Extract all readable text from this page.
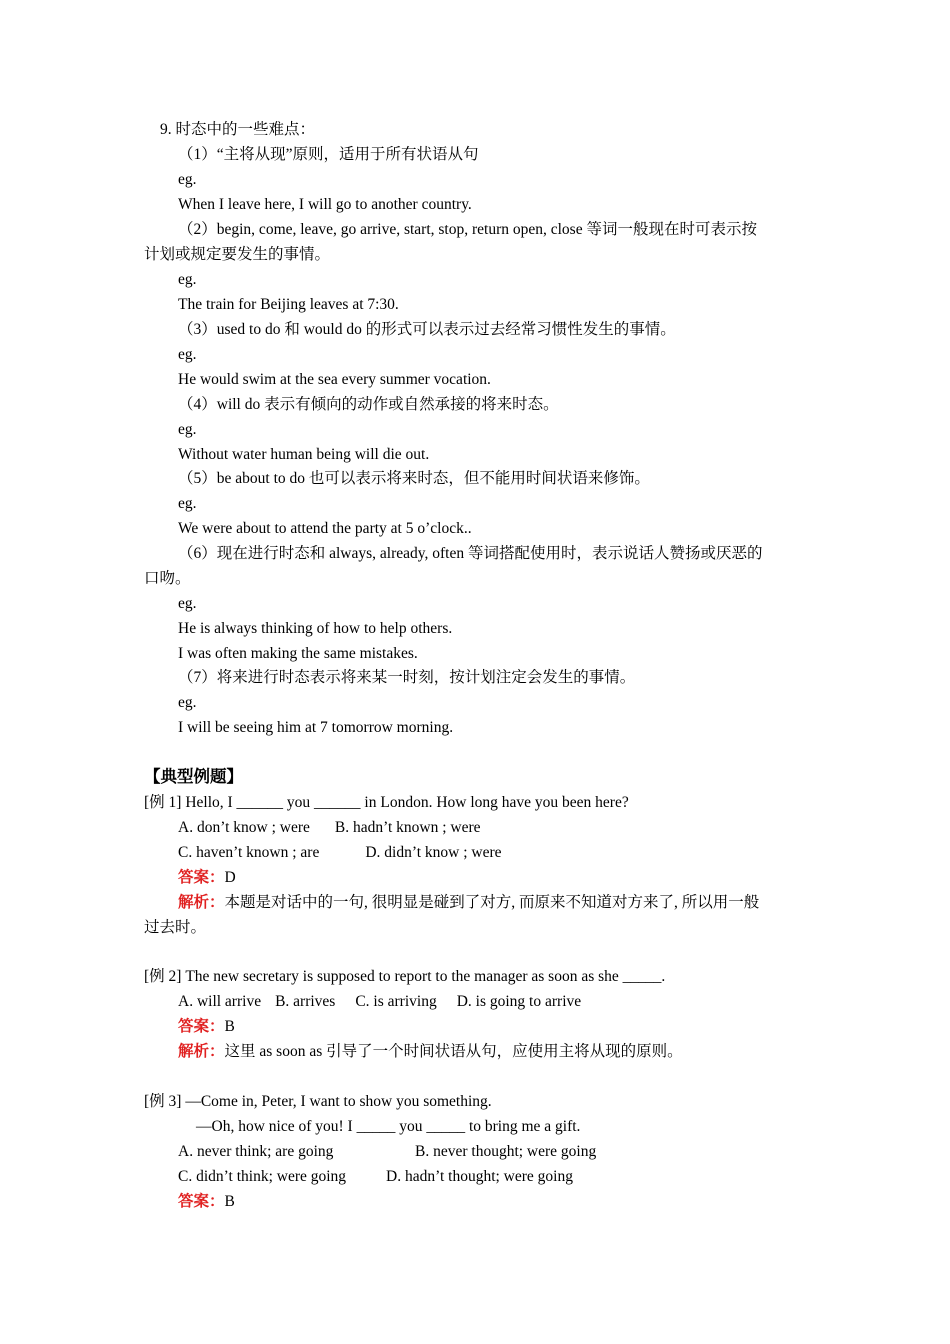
9. 时态中的一些难点：
（1）“主将从现”原则，适用于所有状语从句
eg.
When I leave here, I will go to another country.
（2）begin, come, leave, go arrive, start, stop, return open, close 等词一般现在时可表示按
计划或规定要发生的事情。
eg.
The train for Beijing leaves at 7:30.
（3）used to do 和 would do 的形式可以表示过去经常习惯性发生的事情。
eg.
He would swim at the sea every summer vocation.
（4）will do 表示有倾向的动作或自然承接的将来时态。
eg.
Without water human being will die out.
（5）be about to do 也可以表示将来时态，但不能用时间状语来修饰。
eg.
We were about to attend the party at 5 o’clock..
（6）现在进行时态和 always, already, often 等词搭配使用时，表示说话人赞扬或厌恶的
口吻。
eg.
He is always thinking of how to help others.
I was often making the same mistakes.
（7）将来进行时态表示将来某一时刻，按计划注定会发生的事情。
eg.
I will be seeing him at 7 tomorrow morning.
【典型例题】
[例 1] Hello, I ______ you ______ in London. How long have you been here?
A. don’t know ; were B. hadn’t known ; were
C. haven’t known ; are	D. didn’t know ; were
答案：D
解析：本题是对话中的一句, 很明显是碰到了对方, 而原来不知道对方来了, 所以用一般
过去时。
[例 2] The new secretary is supposed to report to the manager as soon as she _____.
A. will arrive B. arrives C. is arriving D. is going to arrive
答案：B
解析：这里 as soon as 引导了一个时间状语从句，应使用主将从现的原则。
[例 3] —Come in, Peter, I want to show you something.
—Oh, how nice of you! I _____ you _____ to bring me a gift.
A. never think; are going	B. never thought; were going
C. didn’t think; were going	D. hadn’t thought; were going
答案：B
